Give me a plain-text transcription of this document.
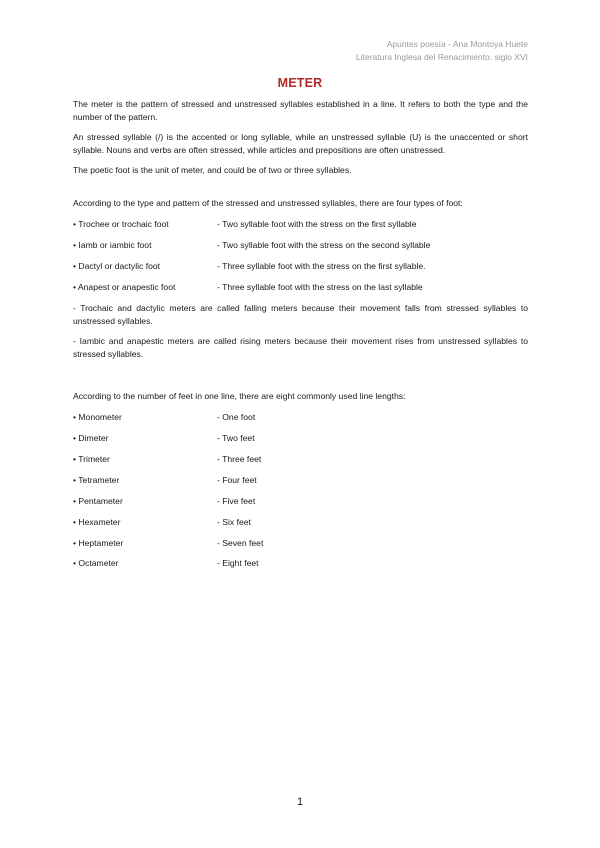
Apuntes poesía - Ana Montoya Huete
Literatura Inglesa del Renacimiento: siglo XVI
METER

The meter is the pattern of stressed and unstressed syllables established in a line. It refers to both the type and the number of the pattern.

An stressed syllable (/) is the accented or long syllable, while an unstressed syllable (U) is the unaccented or short syllable. Nouns and verbs are often stressed, while articles and prepositions are often unstressed.

The poetic foot is the unit of meter, and could be of two or three syllables.

According to the type and pattern of the stressed and unstressed syllables, there are four types of foot:

• Trochee or trochaic foot	- Two syllable foot with the stress on the first syllable
• Iamb or iambic foot	- Two syllable foot with the stress on the second syllable
• Dactyl or dactylic foot	- Three syllable foot with the stress on the first syllable.
• Anapest or anapestic foot	- Three syllable foot with the stress on the last syllable

- Trochaic and dactylic meters are called falling meters because their movement falls from stressed syllables to unstressed syllables.

- Iambic and anapestic meters are called rising meters because their movement rises from unstressed syllables to stressed syllables.

According to the number of feet in one line, there are eight commonly used line lengths:

• Monometer	- One foot
• Dimeter	- Two feet
• Trimeter	- Three feet
• Tetrameter	- Four feet
• Pentameter	- Five feet
• Hexameter	- Six feet
• Heptameter	- Seven feet
• Octameter	- Eight feet
1
